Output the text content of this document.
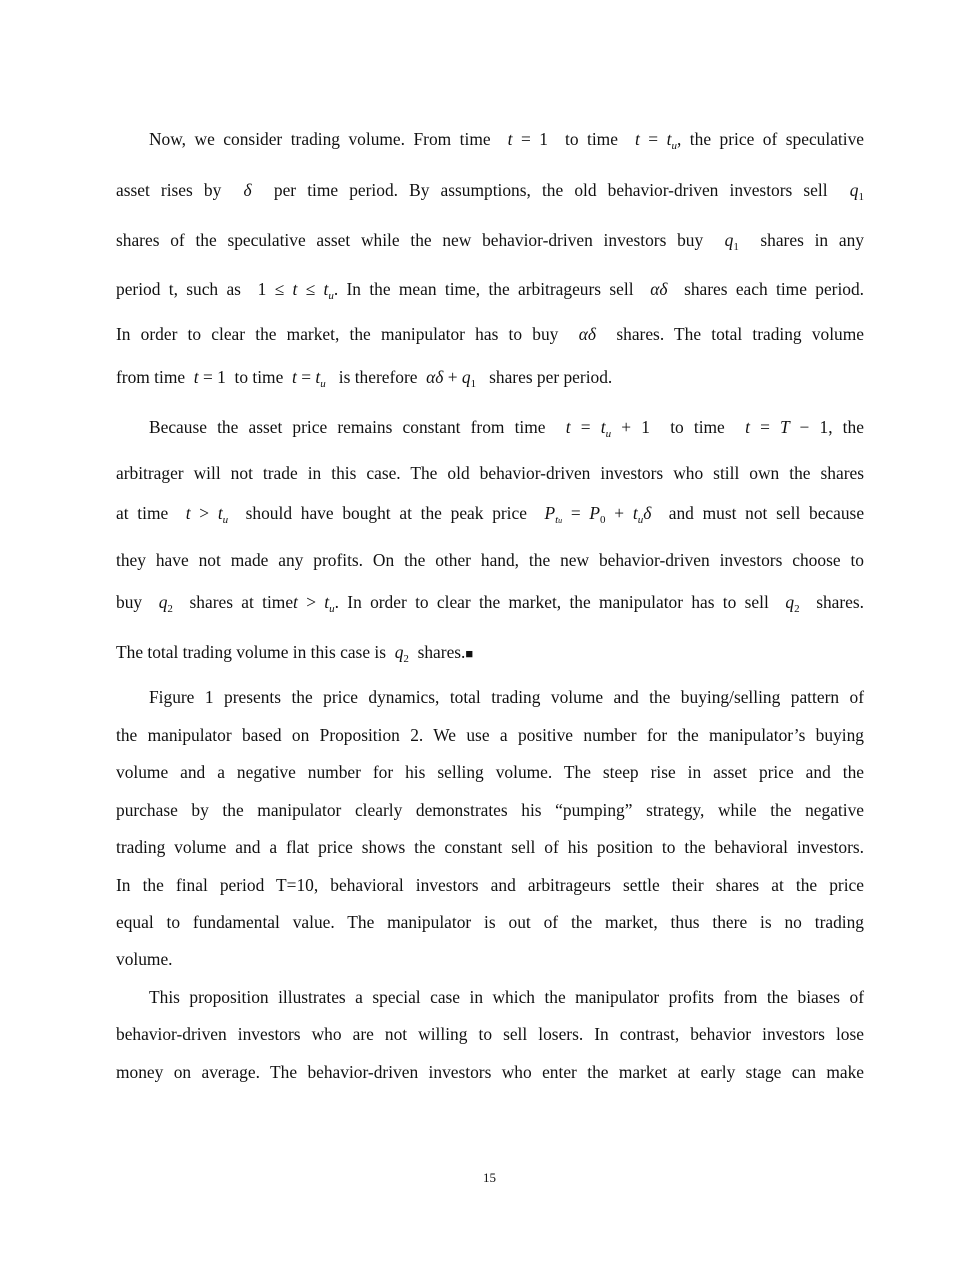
Now, we consider trading volume. From time t = 1 to time $t = t_u$, the price of speculative
asset rises by δ per time period. By assumptions, the old behavior-driven investors sell $q_1$
shares of the speculative asset while the new behavior-driven investors buy $q_1$ shares in any
period t, such as $1 \le t \le t_u$. In the mean time, the arbitrageurs sell αδ shares each time period.
In order to clear the market, the manipulator has to buy αδ shares. The total trading volume
from time t = 1 to time $t = t_u$ is therefore $\alpha\delta + q_1$ shares per period.
Because the asset price remains constant from time $t = t_u + 1$ to time t = T − 1, the
arbitrager will not trade in this case. The old behavior-driven investors who still own the shares
at time $t > t_u$ should have bought at the peak price $P_{tu} = P_0 + t_u\delta$ and must not sell because
they have not made any profits. On the other hand, the new behavior-driven investors choose to
buy $q_2$ shares at timet > $t_u$. In order to clear the market, the manipulator has to sell $q_2$ shares.
The total trading volume in this case is $q_2$ shares.■
Figure 1 presents the price dynamics, total trading volume and the buying/selling pattern of
the manipulator based on Proposition 2. We use a positive number for the manipulator’s buying
volume and a negative number for his selling volume. The steep rise in asset price and the
purchase by the manipulator clearly demonstrates his “pumping” strategy, while the negative
trading volume and a flat price shows the constant sell of his position to the behavioral investors.
In the final period T=10, behavioral investors and arbitrageurs settle their shares at the price
equal to fundamental value. The manipulator is out of the market, thus there is no trading
volume.
This proposition illustrates a special case in which the manipulator profits from the biases of
behavior-driven investors who are not willing to sell losers. In contrast, behavior investors lose
money on average. The behavior-driven investors who enter the market at early stage can make
15
